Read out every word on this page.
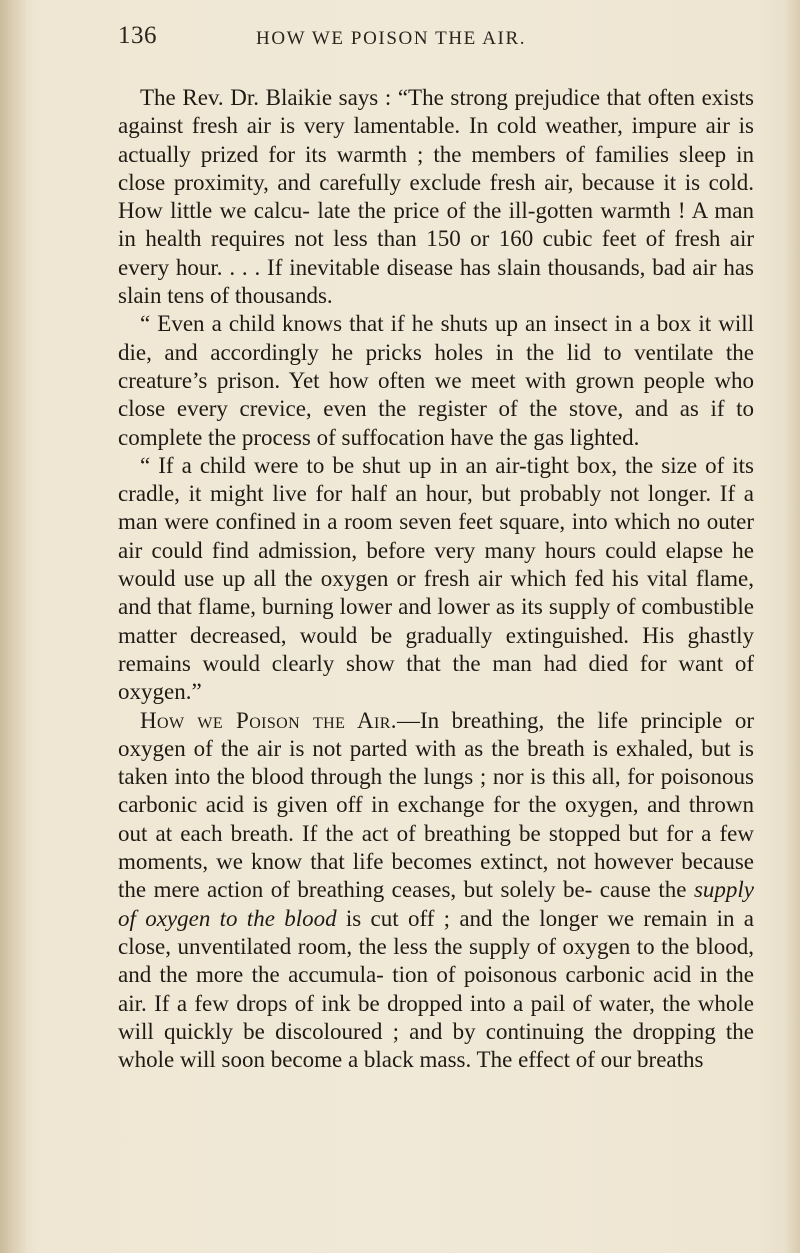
136	HOW WE POISON THE AIR.

The Rev. Dr. Blaikie says : “The strong prejudice that often exists against fresh air is very lamentable. In cold weather, impure air is actually prized for its warmth ; the members of families sleep in close proximity, and carefully exclude fresh air, because it is cold. How little we calcu- late the price of the ill-gotten warmth ! A man in health requires not less than 150 or 160 cubic feet of fresh air every hour. . . . If inevitable disease has slain thousands, bad air has slain tens of thousands.

“ Even a child knows that if he shuts up an insect in a box it will die, and accordingly he pricks holes in the lid to ventilate the creature’s prison. Yet how often we meet with grown people who close every crevice, even the register of the stove, and as if to complete the process of suffocation have the gas lighted.

“ If a child were to be shut up in an air-tight box, the size of its cradle, it might live for half an hour, but probably not longer. If a man were confined in a room seven feet square, into which no outer air could find admission, before very many hours could elapse he would use up all the oxygen or fresh air which fed his vital flame, and that flame, burning lower and lower as its supply of combustible matter decreased, would be gradually extinguished. His ghastly remains would clearly show that the man had died for want of oxygen.”

How we Poison the Air.—In breathing, the life principle or oxygen of the air is not parted with as the breath is exhaled, but is taken into the blood through the lungs ; nor is this all, for poisonous carbonic acid is given off in exchange for the oxygen, and thrown out at each breath. If the act of breathing be stopped but for a few moments, we know that life becomes extinct, not however because the mere action of breathing ceases, but solely be- cause the supply of oxygen to the blood is cut off ; and the longer we remain in a close, unventilated room, the less the supply of oxygen to the blood, and the more the accumula- tion of poisonous carbonic acid in the air. If a few drops of ink be dropped into a pail of water, the whole will quickly be discoloured ; and by continuing the dropping the whole will soon become a black mass. The effect of our breaths
